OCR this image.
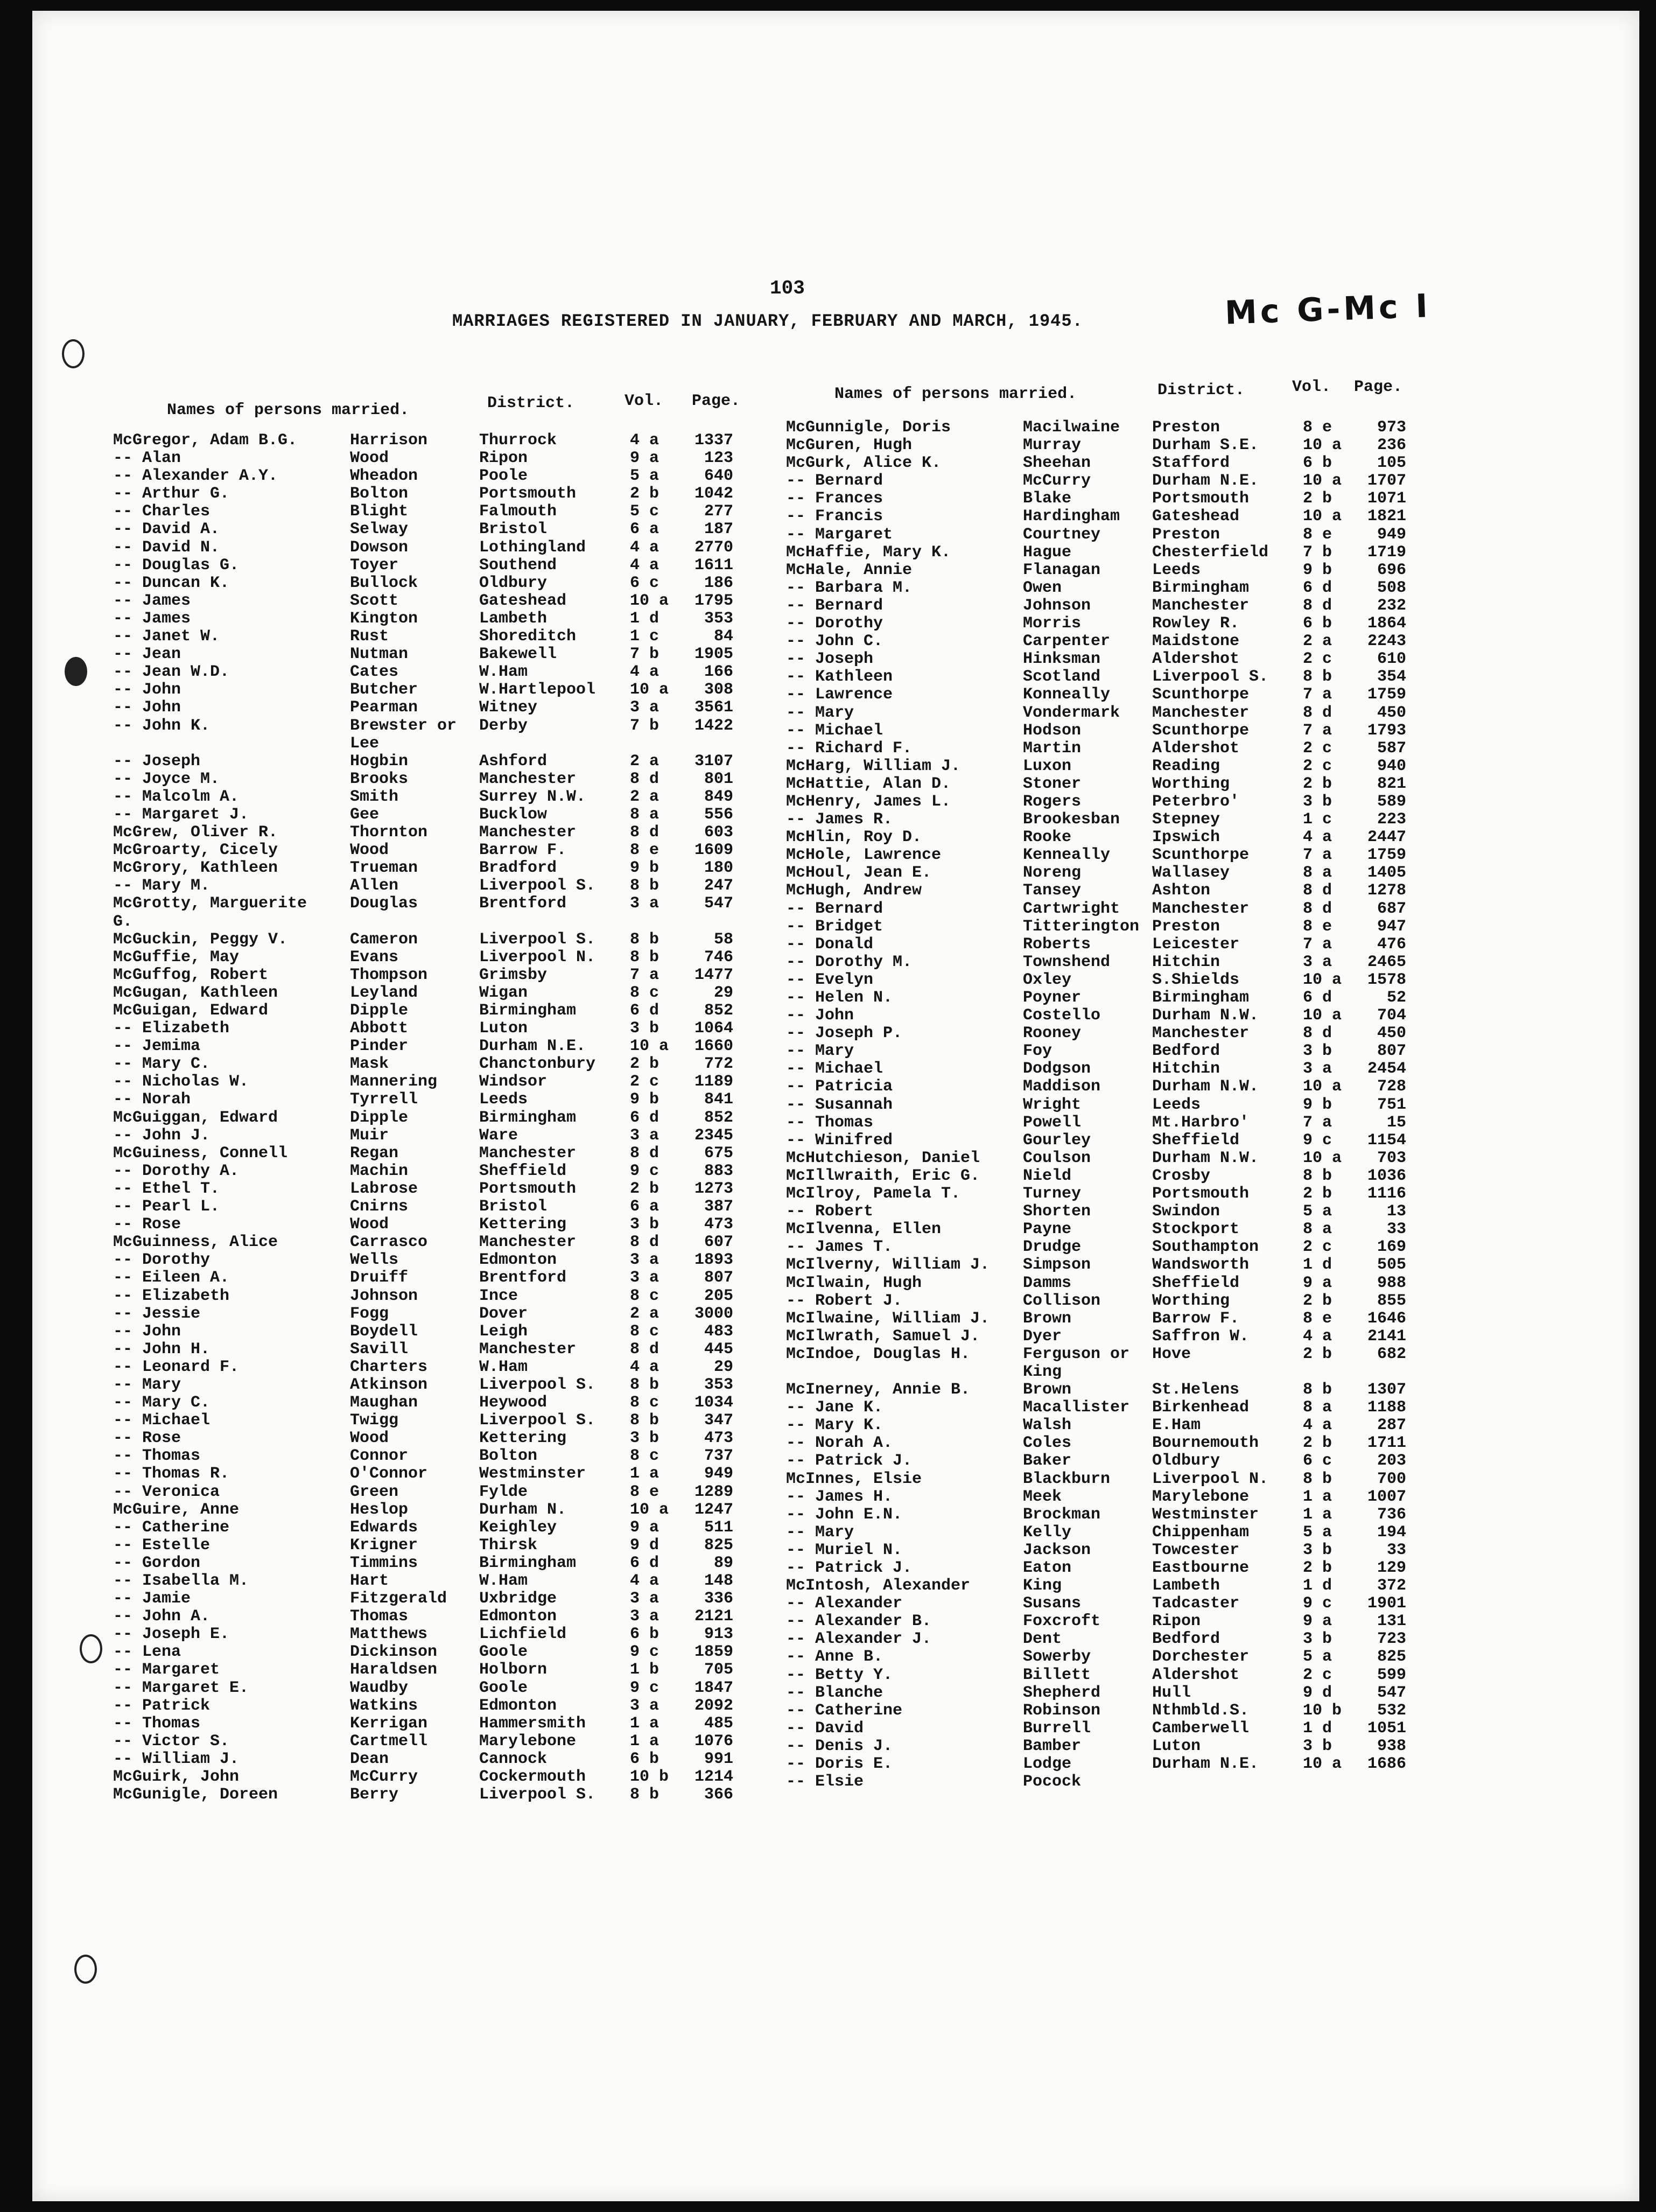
103
MARRIAGES REGISTERED IN JANUARY, FEBRUARY AND MARCH, 1945.	Mc G-Mc I
Names of persons married.	District.	Vol. Page.	Names of persons married.	District.	Vol. Page.
McGregor, Adam B.G.	Harrison	Thurrock	4 a	1337
-- Alan	Wood	Ripon	9 a	123
-- Alexander A.Y.	Wheadon	Poole	5 a	640
-- Arthur G.	Bolton	Portsmouth	2 b	1042
-- Charles	Blight	Falmouth	5 c	277
-- David A.	Selway	Bristol	6 a	187
-- David N.	Dowson	Lothingland	4 a	2770
-- Douglas G.	Toyer	Southend	4 a	1611
-- Duncan K.	Bullock	Oldbury	6 c	186
-- James	Scott	Gateshead	10 a	1795
-- James	Kington	Lambeth	1 d	353
-- Janet W.	Rust	Shoreditch	1 c	84
-- Jean	Nutman	Bakewell	7 b	1905
-- Jean W.D.	Cates	W.Ham	4 a	166
-- John	Butcher	W.Hartlepool 10 a	308
-- John	Pearman	Witney	3 a	3561
-- John K.	Brewster or Derby	7 b	1422
Lee
-- Joseph	Hogbin	Ashford	2 a	3107
-- Joyce M.	Brooks	Manchester	8 d	801
-- Malcolm A.	Smith	Surrey N.W.	2 a	849
-- Margaret J.	Gee	Bucklow	8 a	556
McGrew, Oliver R.	Thornton	Manchester	8 d	603
McGroarty, Cicely	Wood	Barrow F.	8 e	1609
McGrory, Kathleen	Trueman	Bradford	9 b	180
-- Mary M.	Allen	Liverpool S. 8 b	247
McGrotty, Marguerite	Douglas	Brentford	3 a	547
G.
McGuckin, Peggy V.	Cameron	Liverpool S. 8 b	58
McGuffie, May	Evans	Liverpool N. 8 b	746
McGuffog, Robert	Thompson	Grimsby	7 a	1477
McGugan, Kathleen	Leyland	Wigan	8 c	29
McGuigan, Edward	Dipple	Birmingham	6 d	852
-- Elizabeth	Abbott	Luton	3 b	1064
-- Jemima	Pinder	Durham N.E.	10 a	1660
-- Mary C.	Mask	Chanctonbury 2 b	772
-- Nicholas W.	Mannering	Windsor	2 c	1189
-- Norah	Tyrrell	Leeds	9 b	841
McGuiggan, Edward	Dipple	Birmingham	6 d	852
-- John J.	Muir	Ware	3 a	2345
McGuiness, Connell	Regan	Manchester	8 d	675
-- Dorothy A.	Machin	Sheffield	9 c	883
-- Ethel T.	Labrose	Portsmouth	2 b	1273
-- Pearl L.	Cnirns	Bristol	6 a	387
-- Rose	Wood	Kettering	3 b	473
McGuinness, Alice	Carrasco	Manchester	8 d	607
-- Dorothy	Wells	Edmonton	3 a	1893
-- Eileen A.	Druiff	Brentford	3 a	807
-- Elizabeth	Johnson	Ince	8 c	205
-- Jessie	Fogg	Dover	2 a	3000
-- John	Boydell	Leigh	8 c	483
-- John H.	Savill	Manchester	8 d	445
-- Leonard F.	Charters	W.Ham	4 a	29
-- Mary	Atkinson	Liverpool S. 8 b	353
-- Mary C.	Maughan	Heywood	8 c	1034
-- Michael	Twigg	Liverpool S. 8 b	347
-- Rose	Wood	Kettering	3 b	473
-- Thomas	Connor	Bolton	8 c	737
-- Thomas R.	O'Connor	Westminster	1 a	949
-- Veronica	Green	Fylde	8 e	1289
McGuire, Anne	Heslop	Durham N.	10 a	1247
-- Catherine	Edwards	Keighley	9 a	511
-- Estelle	Krigner	Thirsk	9 d	825
-- Gordon	Timmins	Birmingham	6 d	89
-- Isabella M.	Hart	W.Ham	4 a	148
-- Jamie	Fitzgerald Uxbridge	3 a	336
-- John A.	Thomas	Edmonton	3 a	2121
-- Joseph E.	Matthews	Lichfield	6 b	913
-- Lena	Dickinson	Goole	9 c	1859
-- Margaret	Haraldsen	Holborn	1 b	705
-- Margaret E.	Waudby	Goole	9 c	1847
-- Patrick	Watkins	Edmonton	3 a	2092
-- Thomas	Kerrigan	Hammersmith	1 a	485
-- Victor S.	Cartmell	Marylebone	1 a	1076
-- William J.	Dean	Cannock	6 b	991
McGuirk, John	McCurry	Cockermouth	10 b	1214
McGunigle, Doreen	Berry	Liverpool S. 8 b	366
McGunnigle, Doris	Macilwaine Preston	8 e	973
McGuren, Hugh	Murray	Durham S.E.	10 a	236
McGurk, Alice K.	Sheehan	Stafford	6 b	105
-- Bernard	McCurry	Durham N.E.	10 a	1707
-- Frances	Blake	Portsmouth	2 b	1071
-- Francis	Hardingham Gateshead	10 a	1821
-- Margaret	Courtney	Preston	8 e	949
McHaffie, Mary K.	Hague	Chesterfield 7 b	1719
McHale, Annie	Flanagan	Leeds	9 b	696
-- Barbara M.	Owen	Birmingham	6 d	508
-- Bernard	Johnson	Manchester	8 d	232
-- Dorothy	Morris	Rowley R.	6 b	1864
-- John C.	Carpenter	Maidstone	2 a	2243
-- Joseph	Hinksman	Aldershot	2 c	610
-- Kathleen	Scotland	Liverpool S. 8 b	354
-- Lawrence	Konneally	Scunthorpe	7 a	1759
-- Mary	Vondermark Manchester	8 d	450
-- Michael	Hodson	Scunthorpe	7 a	1793
-- Richard F.	Martin	Aldershot	2 c	587
McHarg, William J.	Luxon	Reading	2 c	940
McHattie, Alan D.	Stoner	Worthing	2 b	821
McHenry, James L.	Rogers	Peterbro'	3 b	589
-- James R.	Brookesban Stepney	1 c	223
McHlin, Roy D.	Rooke	Ipswich	4 a	2447
McHole, Lawrence	Kenneally	Scunthorpe	7 a	1759
McHoul, Jean E.	Noreng	Wallasey	8 a	1405
McHugh, Andrew	Tansey	Ashton	8 d	1278
-- Bernard	Cartwright Manchester	8 d	687
-- Bridget	Titterington Preston	8 e	947
-- Donald	Roberts	Leicester	7 a	476
-- Dorothy M.	Townshend	Hitchin	3 a	2465
-- Evelyn	Oxley	S.Shields	10 a	1578
-- Helen N.	Poyner	Birmingham	6 d	52
-- John	Costello	Durham N.W.	10 a	704
-- Joseph P.	Rooney	Manchester	8 d	450
-- Mary	Foy	Bedford	3 b	807
-- Michael	Dodgson	Hitchin	3 a	2454
-- Patricia	Maddison	Durham N.W.	10 a	728
-- Susannah	Wright	Leeds	9 b	751
-- Thomas	Powell	Mt.Harbro'	7 a	15
-- Winifred	Gourley	Sheffield	9 c	1154
McHutchieson, Daniel	Coulson	Durham N.W.	10 a	703
McIllwraith, Eric G.	Nield	Crosby	8 b	1036
McIlroy, Pamela T.	Turney	Portsmouth	2 b	1116
-- Robert	Shorten	Swindon	5 a	13
McIlvenna, Ellen	Payne	Stockport	8 a	33
-- James T.	Drudge	Southampton	2 c	169
McIlverny, William J. Simpson	Wandsworth	1 d	505
McIlwain, Hugh	Damms	Sheffield	9 a	988
-- Robert J.	Collison	Worthing	2 b	855
McIlwaine, William J. Brown	Barrow F.	8 e	1646
McIlwrath, Samuel J.	Dyer	Saffron W.	4 a	2141
McIndoe, Douglas H.	Ferguson or Hove	2 b	682
King
McInerney, Annie B.	Brown	St.Helens	8 b	1307
-- Jane K.	Macallister Birkenhead	8 a	1188
-- Mary K.	Walsh	E.Ham	4 a	287
-- Norah A.	Coles	Bournemouth	2 b	1711
-- Patrick J.	Baker	Oldbury	6 c	203
McInnes, Elsie	Blackburn	Liverpool N. 8 b	700
-- James H.	Meek	Marylebone	1 a	1007
-- John E.N.	Brockman	Westminster	1 a	736
-- Mary	Kelly	Chippenham	5 a	194
-- Muriel N.	Jackson	Towcester	3 b	33
-- Patrick J.	Eaton	Eastbourne	2 b	129
McIntosh, Alexander	King	Lambeth	1 d	372
-- Alexander	Susans	Tadcaster	9 c	1901
-- Alexander B.	Foxcroft	Ripon	9 a	131
-- Alexander J.	Dent	Bedford	3 b	723
-- Anne B.	Sowerby	Dorchester	5 a	825
-- Betty Y.	Billett	Aldershot	2 c	599
-- Blanche	Shepherd	Hull	9 d	547
-- Catherine	Robinson	Nthmbld.S.	10 b	532
-- David	Burrell	Camberwell	1 d	1051
-- Denis J.	Bamber	Luton	3 b	938
-- Doris E.	Lodge	Durham N.E.	10 a	1686
-- Elsie	Pocock
